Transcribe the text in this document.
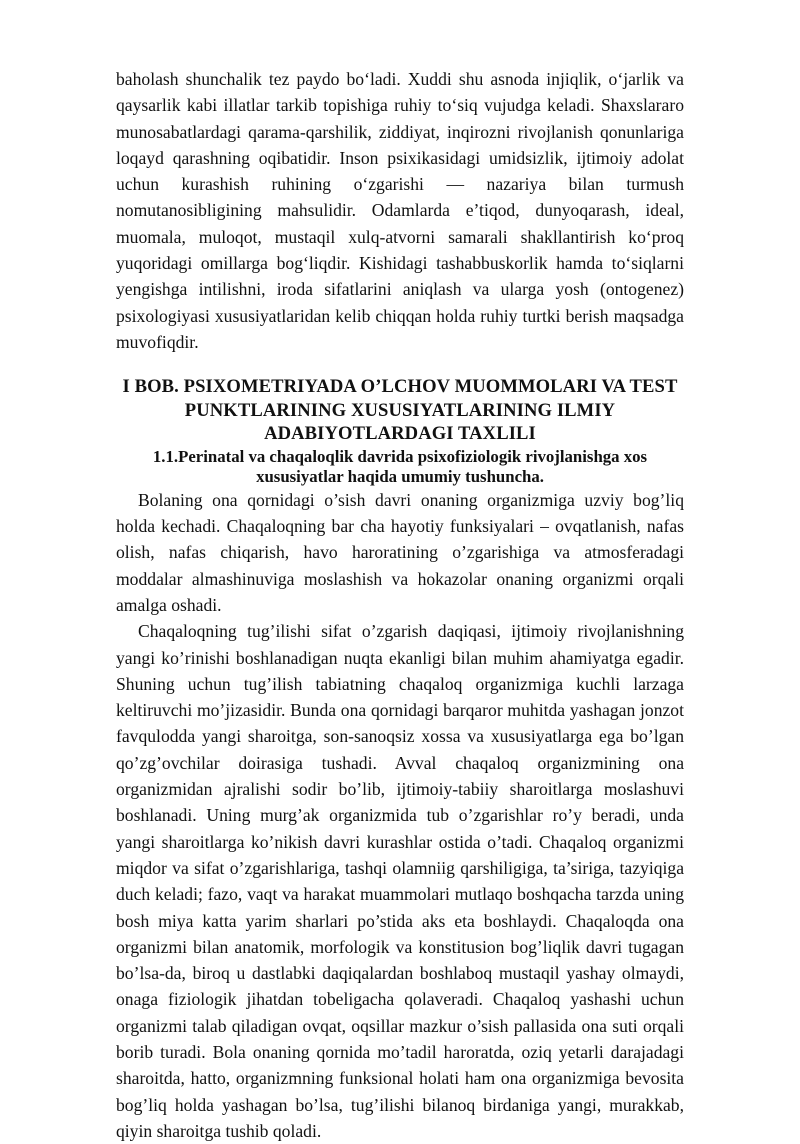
baholash shunchalik tez paydo bo‘ladi. Xuddi shu asnoda injiqlik, o‘jarlik va qaysarlik kabi illatlar tarkib topishiga ruhiy to‘siq vujudga keladi. Shaxslararo munosabatlardagi qarama-qarshilik, ziddiyat, inqirozni rivojlanish qonunlariga loqayd qarashning oqibatidir. Inson psixikasidagi umidsizlik, ijtimoiy adolat uchun kurashish ruhining o‘zgarishi — nazariya bilan turmush nomutanosibligining mahsulidir. Odamlarda e’tiqod, dunyoqarash, ideal, muomala, muloqot, mustaqil xulq-atvorni samarali shakllantirish ko‘proq yuqoridagi omillarga bog‘liqdir. Kishidagi tashabbuskorlik hamda to‘siqlarni yengishga intilishni, iroda sifatlarini aniqlash va ularga yosh (ontogenez) psixologiyasi xususiyatlaridan kelib chiqqan holda ruhiy turtki berish maqsadga muvofiqdir.

I BOB. PSIXOMETRIYADA O’LCHOV MUOMMOLARI VA TEST
PUNKTLARINING XUSUSIYATLARINING ILMIY
ADABIYOTLARDAGI TAXLILI
1.1.Perinatal va chaqaloqlik davrida psixofiziologik rivojlanishga xos
xususiyatlar haqida umumiy tushuncha.

Bolaning ona qornidagi o’sish davri onaning organizmiga uzviy bog’liq holda kechadi. Chaqaloqning bar cha hayotiy funksiyalari – ovqatlanish, nafas olish, nafas chiqarish, havo haroratining o’zgarishiga va atmosferadagi moddalar almashinuviga moslashish va hokazolar onaning organizmi orqali amalga oshadi.

Chaqaloqning tug’ilishi sifat o’zgarish daqiqasi, ijtimoiy rivojlanishning yangi ko’rinishi boshlanadigan nuqta ekanligi bilan muhim ahamiyatga egadir. Shuning uchun tug’ilish tabiatning chaqaloq organizmiga kuchli larzaga keltiruvchi mo’jizasidir. Bunda ona qornidagi barqaror muhitda yashagan jonzot favqulodda yangi sharoitga, son-sanoqsiz xossa va xususiyatlarga ega bo’lgan qo’zg’ovchilar doirasiga tushadi. Avval chaqaloq organizmining ona organizmidan ajralishi sodir bo’lib, ijtimoiy-tabiiy sharoitlarga moslashuvi boshlanadi. Uning murg’ak organizmida tub o’zgarishlar ro’y beradi, unda yangi sharoitlarga ko’nikish davri kurashlar ostida o’tadi. Chaqaloq organizmi miqdor va sifat o’zgarishlariga, tashqi olamniig qarshiligiga, ta’siriga, tazyiqiga duch keladi; fazo, vaqt va harakat muammolari mutlaqo boshqacha tarzda uning bosh miya katta yarim sharlari po’stida aks eta boshlaydi. Chaqaloqda ona organizmi bilan anatomik, morfologik va konstitusion bog’liqlik davri tugagan bo’lsa-da, biroq u dastlabki daqiqalardan boshlaboq mustaqil yashay olmaydi, onaga fiziologik jihatdan tobeligacha qolaveradi. Chaqaloq yashashi uchun organizmi talab qiladigan ovqat, oqsillar mazkur o’sish pallasida ona suti orqali borib turadi. Bola onaning qornida mo’tadil haroratda, oziq yetarli darajadagi sharoitda, hatto, organizmning funksional holati ham ona organizmiga bevosita bog’liq holda yashagan bo’lsa, tug’ilishi bilanoq birdaniga yangi, murakkab, qiyin sharoitga tushib qoladi.
